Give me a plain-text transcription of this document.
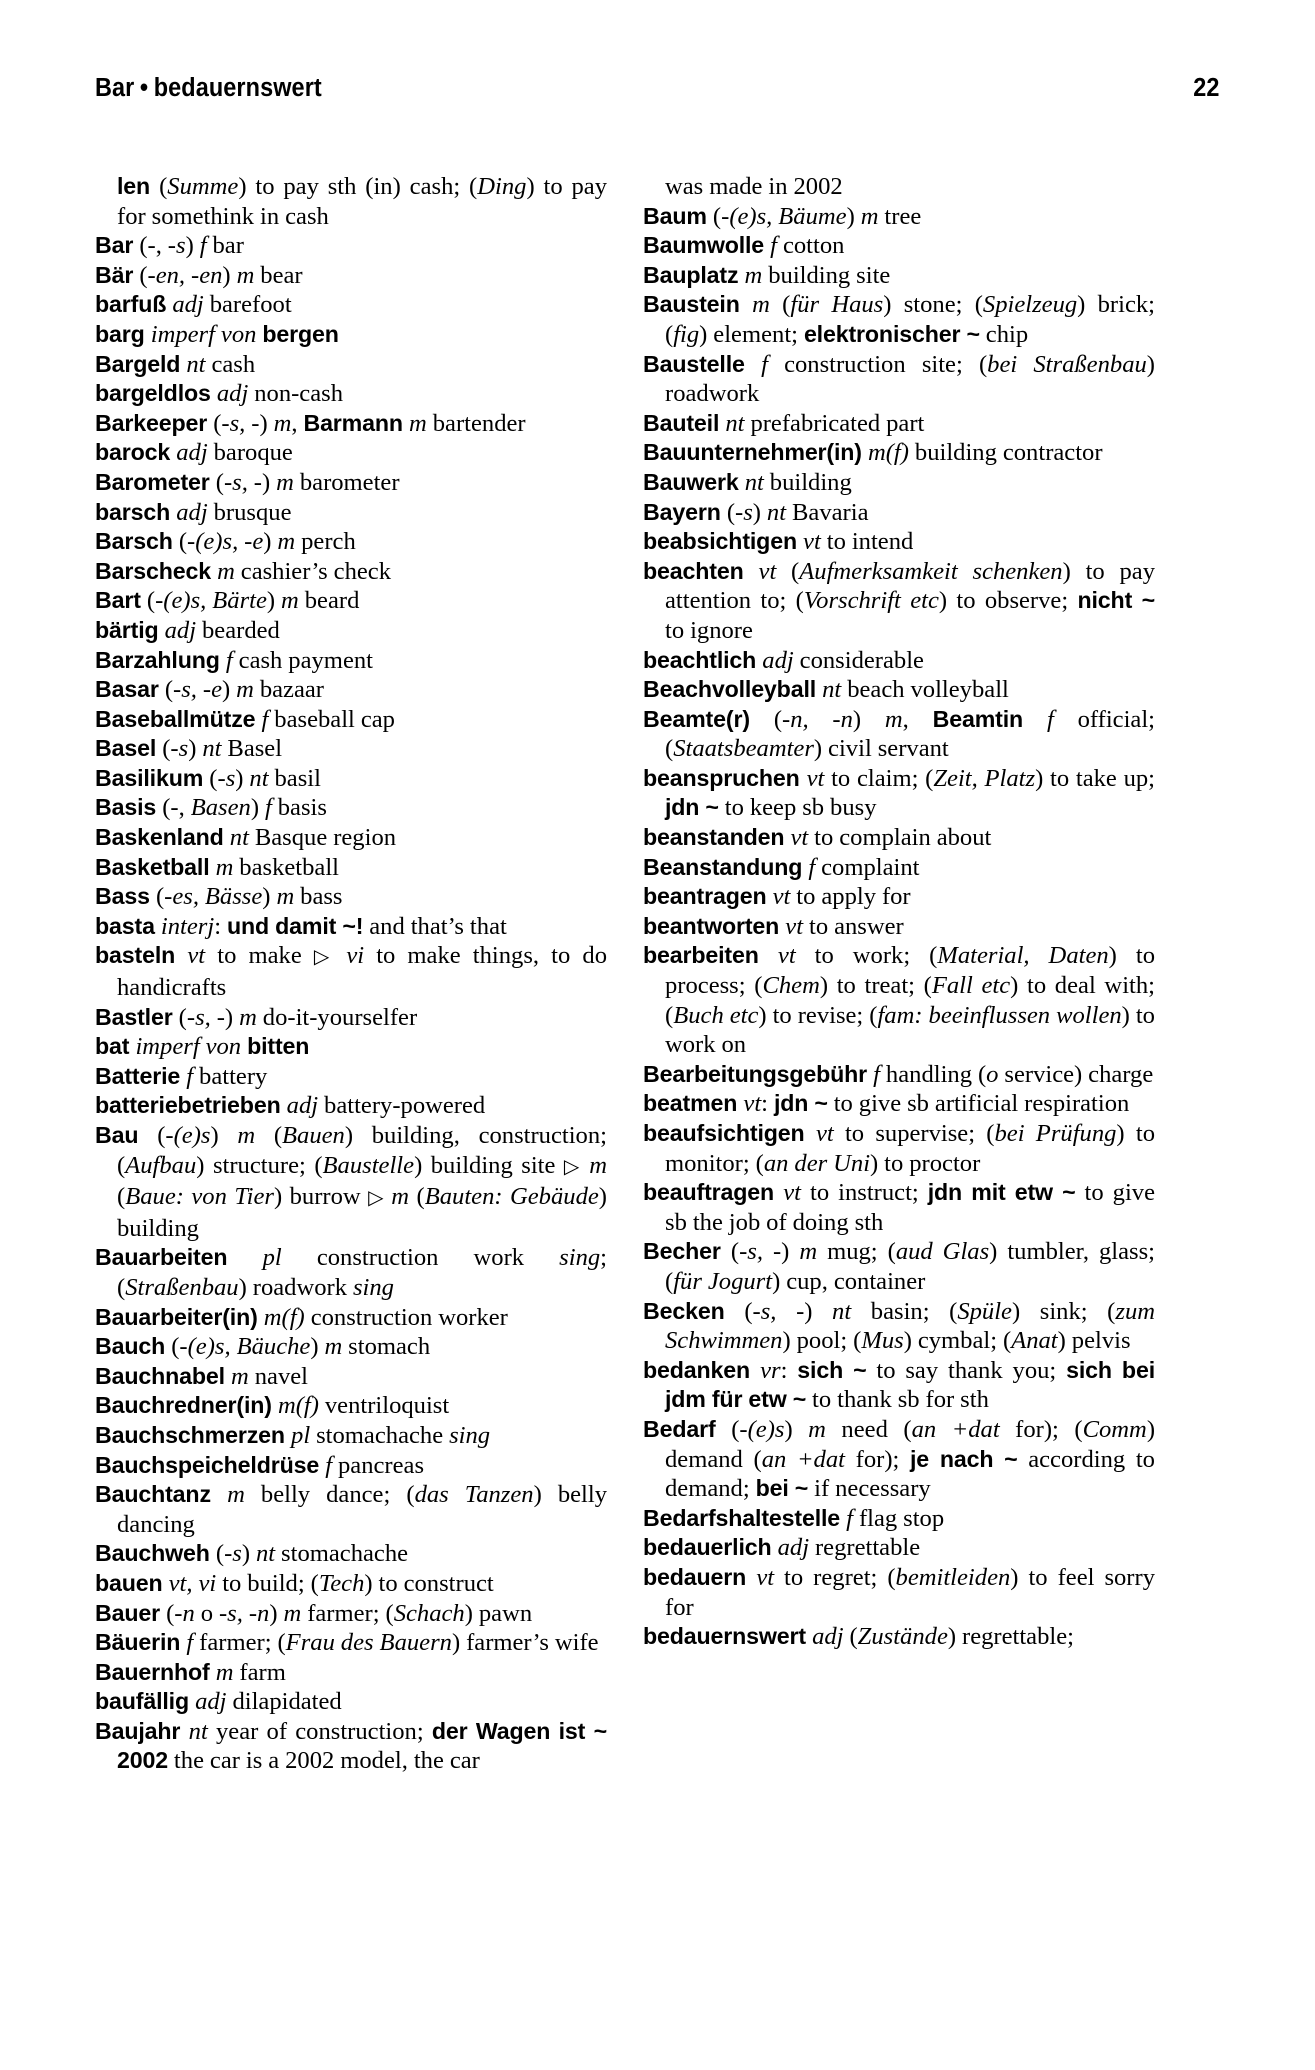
Bar • bedauernswert	22

len (Summe) to pay sth (in) cash; (Ding) to pay for somethink in cash

Bar (-, -s) f bar

Bär (-en, -en) m bear

barfuß adj barefoot

barg imperf von bergen

Bargeld nt cash

bargeldlos adj non-cash

Barkeeper (-s, -) m, Barmann m bartender

barock adj baroque

Barometer (-s, -) m barometer

barsch adj brusque

Barsch (-(e)s, -e) m perch

Barscheck m cashier’s check

Bart (-(e)s, Bärte) m beard

bärtig adj bearded

Barzahlung f cash payment

Basar (-s, -e) m bazaar

Baseballmütze f baseball cap

Basel (-s) nt Basel

Basilikum (-s) nt basil

Basis (-, Basen) f basis

Baskenland nt Basque region

Basketball m basketball

Bass (-es, Bässe) m bass

basta interj: und damit ~! and that’s that

basteln vt to make ▷ vi to make things, to do handicrafts

Bastler (-s, -) m do-it-yourselfer

bat imperf von bitten

Batterie f battery

batteriebetrieben adj battery-powered

Bau (-(e)s) m (Bauen) building, construction; (Aufbau) structure; (Baustelle) building site ▷ m (Baue: von Tier) burrow ▷ m (Bauten: Gebäude) building

Bauarbeiten pl construction work sing; (Straßenbau) roadwork sing

Bauarbeiter(in) m(f) construction worker

Bauch (-(e)s, Bäuche) m stomach

Bauchnabel m navel

Bauchredner(in) m(f) ventriloquist

Bauchschmerzen pl stomachache sing

Bauchspeicheldrüse f pancreas

Bauchtanz m belly dance; (das Tanzen) belly dancing

Bauchweh (-s) nt stomachache

bauen vt, vi to build; (Tech) to construct

Bauer (-n o -s, -n) m farmer; (Schach) pawn

Bäuerin f farmer; (Frau des Bauern) farmer’s wife

Bauernhof m farm

baufällig adj dilapidated

Baujahr nt year of construction; der Wagen ist ~ 2002 the car is a 2002 model, the car

was made in 2002

Baum (-(e)s, Bäume) m tree

Baumwolle f cotton

Bauplatz m building site

Baustein m (für Haus) stone; (Spielzeug) brick; (fig) element; elektronischer ~ chip

Baustelle f construction site; (bei Straßenbau) roadwork

Bauteil nt prefabricated part

Bauunternehmer(in) m(f) building contractor

Bauwerk nt building

Bayern (-s) nt Bavaria

beabsichtigen vt to intend

beachten vt (Aufmerksamkeit schenken) to pay attention to; (Vorschrift etc) to observe; nicht ~ to ignore

beachtlich adj considerable

Beachvolleyball nt beach volleyball

Beamte(r) (-n, -n) m, Beamtin f official; (Staatsbeamter) civil servant

beanspruchen vt to claim; (Zeit, Platz) to take up; jdn ~ to keep sb busy

beanstanden vt to complain about

Beanstandung f complaint

beantragen vt to apply for

beantworten vt to answer

bearbeiten vt to work; (Material, Daten) to process; (Chem) to treat; (Fall etc) to deal with; (Buch etc) to revise; (fam: beeinflussen wollen) to work on

Bearbeitungsgebühr f handling (o service) charge

beatmen vt: jdn ~ to give sb artificial respiration

beaufsichtigen vt to supervise; (bei Prüfung) to monitor; (an der Uni) to proctor

beauftragen vt to instruct; jdn mit etw ~ to give sb the job of doing sth

Becher (-s, -) m mug; (aud Glas) tumbler, glass; (für Jogurt) cup, container

Becken (-s, -) nt basin; (Spüle) sink; (zum Schwimmen) pool; (Mus) cymbal; (Anat) pelvis

bedanken vr: sich ~ to say thank you; sich bei jdm für etw ~ to thank sb for sth

Bedarf (-(e)s) m need (an +dat for); (Comm) demand (an +dat for); je nach ~ according to demand; bei ~ if necessary

Bedarfshaltestelle f flag stop

bedauerlich adj regrettable

bedauern vt to regret; (bemitleiden) to feel sorry for

bedauernswert adj (Zustände) regrettable;
